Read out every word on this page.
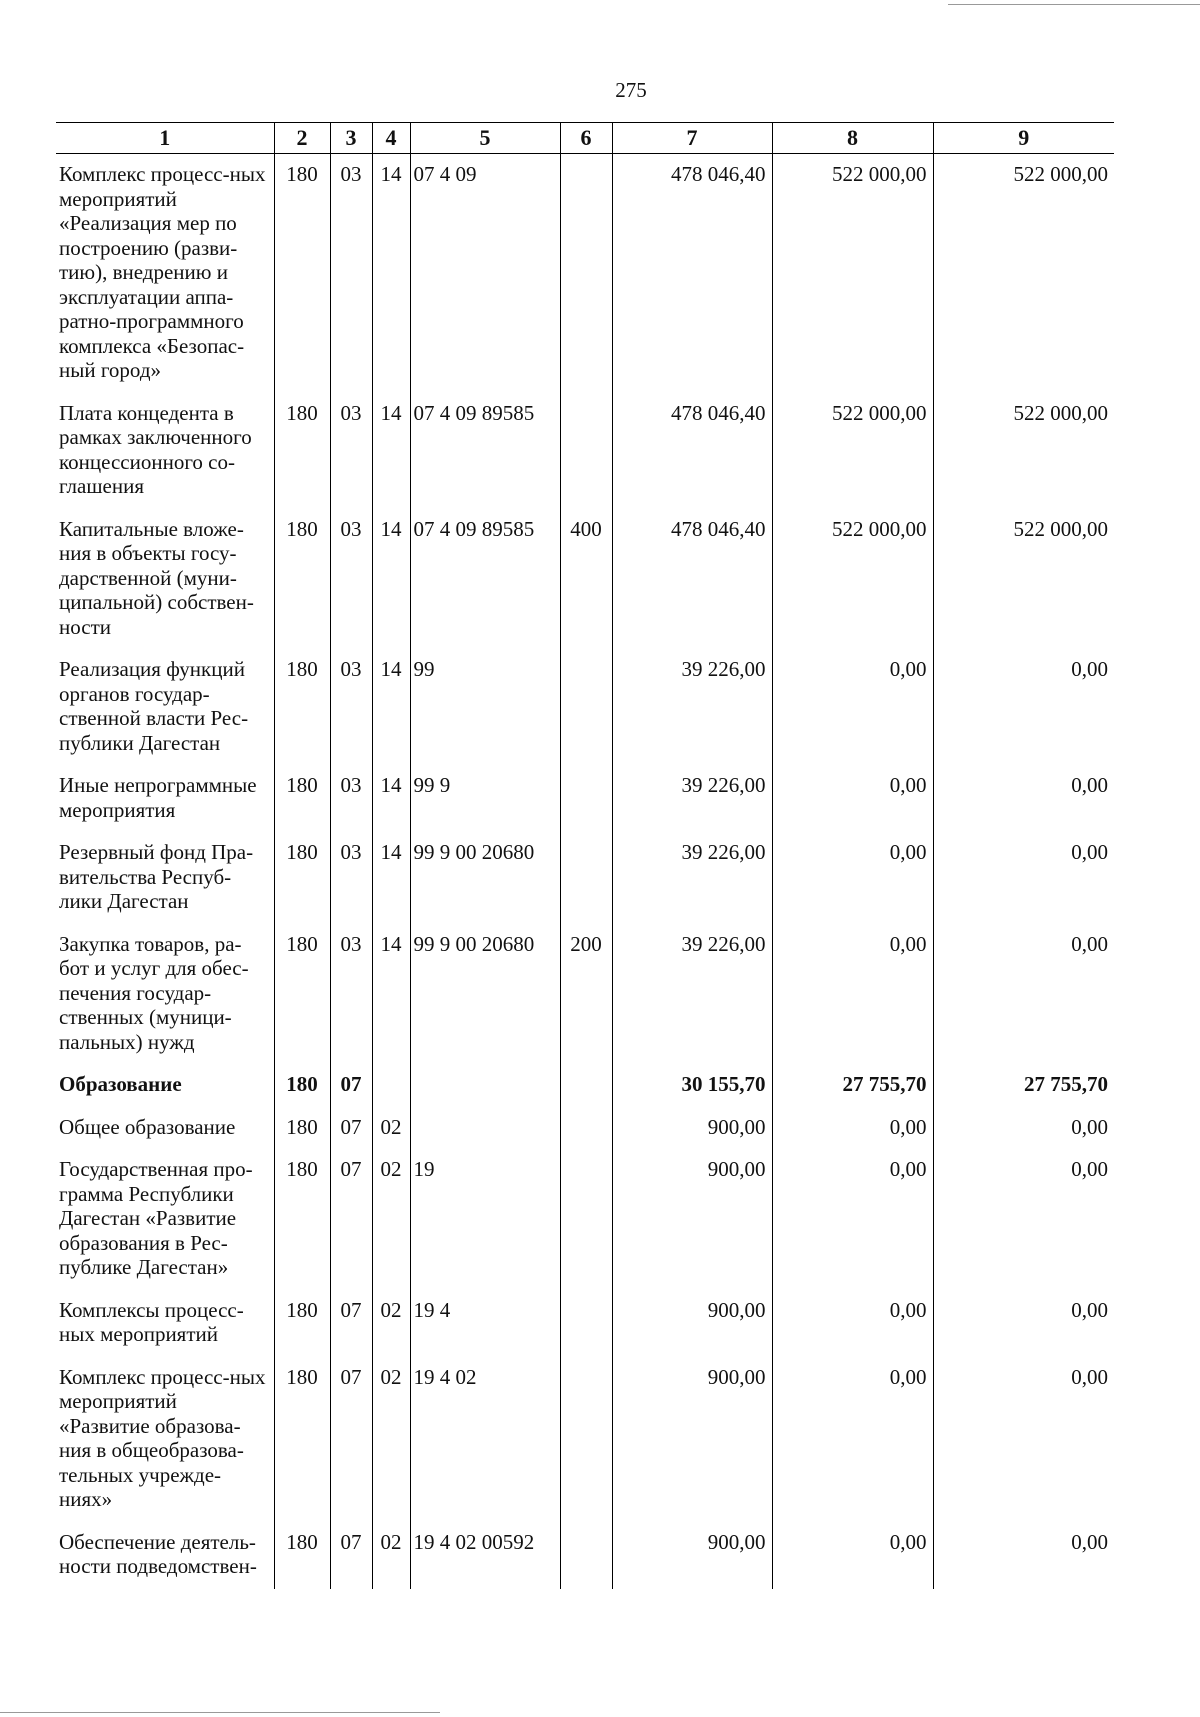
275
1	2	3	4	5	6	7	8	9
Комплекс процесс-ных мероприятий «Реализация мер по построению (разви-тию), внедрению и эксплуатации аппа-ратно-программного комплекса «Безопас-ный город»	180	03	14	07 4 09		478 046,40	522 000,00	522 000,00
Плата концедента в рамках заключенного концессионного со-глашения	180	03	14	07 4 09 89585		478 046,40	522 000,00	522 000,00
Капитальные вложе-ния в объекты госу-дарственной (муни-ципальной) собствен-ности	180	03	14	07 4 09 89585	400	478 046,40	522 000,00	522 000,00
Реализация функций органов государ-ственной власти Рес-публики Дагестан	180	03	14	99		39 226,00	0,00	0,00
Иные непрограммные мероприятия	180	03	14	99 9		39 226,00	0,00	0,00
Резервный фонд Пра-вительства Респуб-лики Дагестан	180	03	14	99 9 00 20680		39 226,00	0,00	0,00
Закупка товаров, ра-бот и услуг для обес-печения государ-ственных (муници-пальных) нужд	180	03	14	99 9 00 20680	200	39 226,00	0,00	0,00
Образование	180	07				30 155,70	27 755,70	27 755,70
Общее образование	180	07	02			900,00	0,00	0,00
Государственная про-грамма Республики Дагестан «Развитие образования в Рес-публике Дагестан»	180	07	02	19		900,00	0,00	0,00
Комплексы процесс-ных мероприятий	180	07	02	19 4		900,00	0,00	0,00
Комплекс процесс-ных мероприятий «Развитие образова-ния в общеобразова-тельных учрежде-ниях»	180	07	02	19 4 02		900,00	0,00	0,00
Обеспечение деятель-ности подведомствен-	180	07	02	19 4 02 00592		900,00	0,00	0,00
